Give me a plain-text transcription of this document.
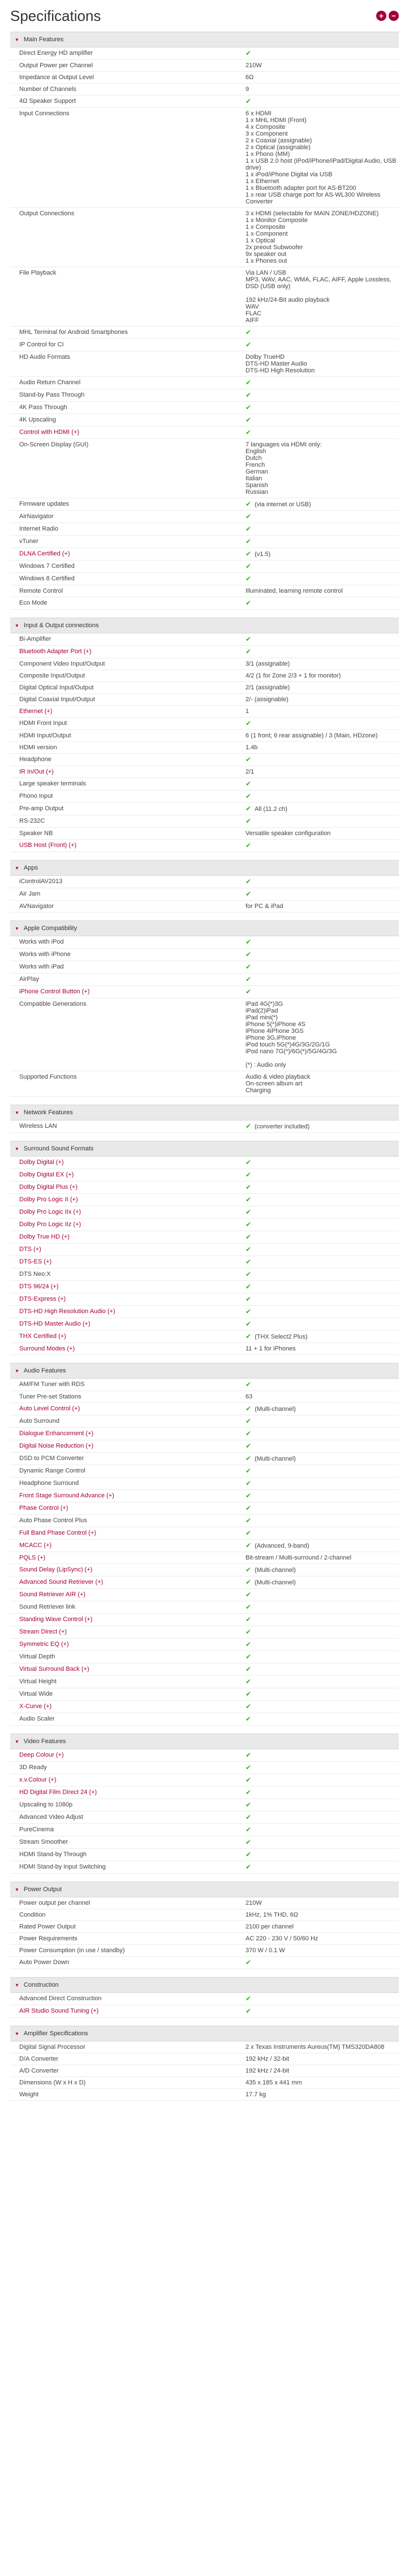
Specifications	+ −
▼ Main Features
Direct Energy HD amplifier	✔
Output Power per Channel	210W
Impedance at Output Level	6Ω
Number of Channels	9
4Ω Speaker Support	✔
Input Connections	6 x HDMI
1 x MHL HDMI (Front)
4 x Composite
3 x Component
2 x Coaxial (assignable)
2 x Optical (assignable)
1 x Phono (MM)
1 x USB 2.0 host (iPod/iPhone/iPad/Digital Audio, USB drive)
1 x iPod/iPhone Digital via USB
1 x Ethernet
1 x Bluetooth adapter port for AS-BT200
1 x rear USB charge port for AS-WL300 Wireless Converter
Output Connections	3 x HDMI (selectable for MAIN ZONE/HDZONE)
1 x Monitor Composite
1 x Composite
1 x Component
1 x Optical
2x preout Subwoofer
9x speaker out
1 x Phones out
File Playback	Via LAN / USB
MP3, WAV, AAC, WMA, FLAC, AIFF, Apple Lossless, DSD (USB only)

192 kHz/24-Bit audio playback
WAV
FLAC
AIFF
MHL Terminal for Android Smartphones	✔
IP Control for CI	✔
HD Audio Formats	Dolby TrueHD
DTS-HD Master Audio
DTS-HD High Resolution
Audio Return Channel	✔
Stand-by Pass Through	✔
4K Pass Through	✔
4K Upscaling	✔
Control with HDMI (+)	✔
On-Screen Display (GUI)	7 languages via HDMI only:
English
Dutch
French
German
Italian
Spanish
Russian
Firmware updates	✔ (via internet or USB)
AirNavigator	✔
Internet Radio	✔
vTuner	✔
DLNA Certified (+)	✔ (v1.5)
Windows 7 Certified	✔
Windows 8 Certified	✔
Remote Control	Illuminated, learning remote control
Eco Mode	✔
▼ Input & Output connections
Bi-Amplifier	✔
Bluetooth Adapter Port (+)	✔
Component Video Input/Output	3/1 (assignable)
Composite Input/Output	4/2 (1 for Zone 2/3 + 1 for monitor)
Digital Optical Input/Output	2/1 (assignable)
Digital Coaxial Input/Output	2/- (assignable)
Ethernet (+)	1
HDMI Front Input	✔
HDMI Input/Output	6 (1 front; 6 rear assignable) / 3 (Main, HDzone)
HDMI version	1.4b
Headphone	✔
IR In/Out (+)	2/1
Large speaker terminals	✔
Phono Input	✔
Pre-amp Output	✔ All (11.2 ch)
RS-232C	✔
Speaker NB	Versatile speaker configuration
USB Host (Front) (+)	✔
▼ Apps
iControlAV2013	✔
Air Jam	✔
AVNavigator	for PC & iPad
▼ Apple Compatibility
Works with iPod	✔
Works with iPhone	✔
Works with iPad	✔
AirPlay	✔
iPhone Control Button (+)	✔
Compatible Generations	iPad 4G(*)3G
iPad(2)iPad
iPad mini(*)
iPhone 5(*)iPhone 4S
iPhone 4iPhone 3GS
iPhone 3G,iPhone
iPod touch 5G(*)4G/3G/2G/1G
iPod nano 7G(*)/6G(*)/5G/4G/3G

(*) : Audio only
Supported Functions	Audio & video playback
On-screen album art
Charging
▼ Network Features
Wireless LAN	✔ (converter included)
▼ Surround Sound Formats
Dolby Digital (+)	✔
Dolby Digital EX (+)	✔
Dolby Digital Plus (+)	✔
Dolby Pro Logic II (+)	✔
Dolby Pro Logic IIx (+)	✔
Dolby Pro Logic IIz (+)	✔
Dolby True HD (+)	✔
DTS (+)	✔
DTS-ES (+)	✔
DTS Neo:X	✔
DTS 96/24 (+)	✔
DTS-Express (+)	✔
DTS-HD High Resolution Audio (+)	✔
DTS-HD Master Audio (+)	✔
THX Certified (+)	✔ (THX Select2 Plus)
Surround Modes (+)	11 + 1 for iPhones
▼ Audio Features
AM/FM Tuner with RDS	✔
Tuner Pre-set Stations	63
Auto Level Control (+)	✔ (Multi-channel)
Auto Surround	✔
Dialogue Enhancement (+)	✔
Digital Noise Reduction (+)	✔
DSD to PCM Converter	✔ (Multi-channel)
Dynamic Range Control	✔
Headphone Surround	✔
Front Stage Surround Advance (+)	✔
Phase Control (+)	✔
Auto Phase Control Plus	✔
Full Band Phase Control (+)	✔
MCACC (+)	✔ (Advanced, 9-band)
PQLS (+)	Bit-stream / Multi-surround / 2-channel
Sound Delay (LipSync) (+)	✔ (Multi-channel)
Advanced Sound Retriever (+)	✔ (Multi-channel)
Sound Retriever AIR (+)	✔
Sound Retriever link	✔
Standing Wave Control (+)	✔
Stream Direct (+)	✔
Symmetric EQ (+)	✔
Virtual Depth	✔
Virtual Surround Back (+)	✔
Virtual Height	✔
Virtual Wide	✔
X-Curve (+)	✔
Audio Scaler	✔
▼ Video Features
Deep Colour (+)	✔
3D Ready	✔
x.v.Colour (+)	✔
HD Digital Film Direct 24 (+)	✔
Upscaling to 1080p	✔
Advanced Video Adjust	✔
PureCinema	✔
Stream Smoother	✔
HDMI Stand-by Through	✔
HDMI Stand-by Input Switching	✔
▼ Power Output
Power output per channel	210W
Condition	1kHz, 1% THD, 6Ω
Rated Power Output	2100 per channel
Power Requirements	AC 220 - 230 V / 50/60 Hz
Power Consumption (in use / standby)	370 W / 0.1 W
Auto Power Down	✔
▼ Construction
Advanced Direct Construction	✔
AIR Studio Sound Tuning (+)	✔
▼ Amplifier Specifications
Digital Signal Processor	2 x Texas Instruments Aureus(TM) TMS320DA808
D/A Converter	192 kHz / 32-bit
A/D Converter	192 kHz / 24-bit
Dimensions (W x H x D)	435 x 185 x 441 mm
Weight	17.7 kg
